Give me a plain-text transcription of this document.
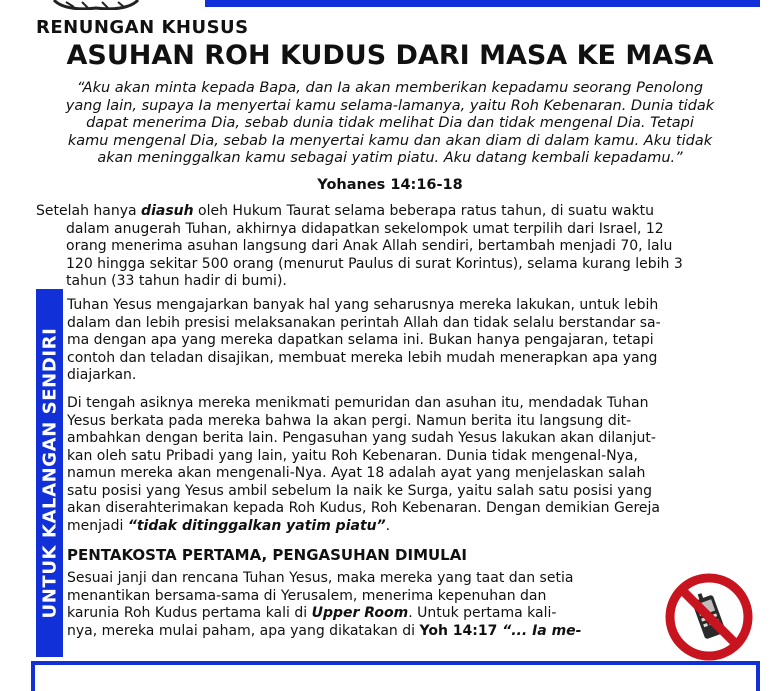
RENUNGAN KHUSUS
ASUHAN ROH KUDUS DARI MASA KE MASA
“Aku akan minta kepada Bapa, dan Ia akan memberikan kepadamu seorang Penolong
yang lain, supaya Ia menyertai kamu selama-lamanya, yaitu Roh Kebenaran. Dunia tidak
dapat menerima Dia, sebab dunia tidak melihat Dia dan tidak mengenal Dia. Tetapi
kamu mengenal Dia, sebab Ia menyertai kamu dan akan diam di dalam kamu. Aku tidak
akan meninggalkan kamu sebagai yatim piatu. Aku datang kembali kepadamu.”
Yohanes 14:16-18
Setelah hanya diasuh oleh Hukum Taurat selama beberapa ratus tahun, di suatu waktu
dalam anugerah Tuhan, akhirnya didapatkan sekelompok umat terpilih dari Israel, 12
orang menerima asuhan langsung dari Anak Allah sendiri, bertambah menjadi 70, lalu
120 hingga sekitar 500 orang (menurut Paulus di surat Korintus), selama kurang lebih 3
tahun (33 tahun hadir di bumi).
UNTUK KALANGAN SENDIRI
Tuhan Yesus mengajarkan banyak hal yang seharusnya mereka lakukan, untuk lebih
dalam dan lebih presisi melaksanakan perintah Allah dan tidak selalu berstandar sa-
ma dengan apa yang mereka dapatkan selama ini. Bukan hanya pengajaran, tetapi
contoh dan teladan disajikan, membuat mereka lebih mudah menerapkan apa yang
diajarkan.
Di tengah asiknya mereka menikmati pemuridan dan asuhan itu, mendadak Tuhan
Yesus berkata pada mereka bahwa Ia akan pergi. Namun berita itu langsung dit-
ambahkan dengan berita lain. Pengasuhan yang sudah Yesus lakukan akan dilanjut-
kan oleh satu Pribadi yang lain, yaitu Roh Kebenaran. Dunia tidak mengenal-Nya,
namun mereka akan mengenali-Nya. Ayat 18 adalah ayat yang menjelaskan salah
satu posisi yang Yesus ambil sebelum Ia naik ke Surga, yaitu salah satu posisi yang
akan diserahterimakan kepada Roh Kudus, Roh Kebenaran. Dengan demikian Gereja
menjadi “tidak ditinggalkan yatim piatu”.
PENTAKOSTA PERTAMA, PENGASUHAN DIMULAI
Sesuai janji dan rencana Tuhan Yesus, maka mereka yang taat dan setia
menantikan bersama-sama di Yerusalem, menerima kepenuhan dan
karunia Roh Kudus pertama kali di Upper Room. Untuk pertama kali-
nya, mereka mulai paham, apa yang dikatakan di Yoh 14:17 “... Ia me-
